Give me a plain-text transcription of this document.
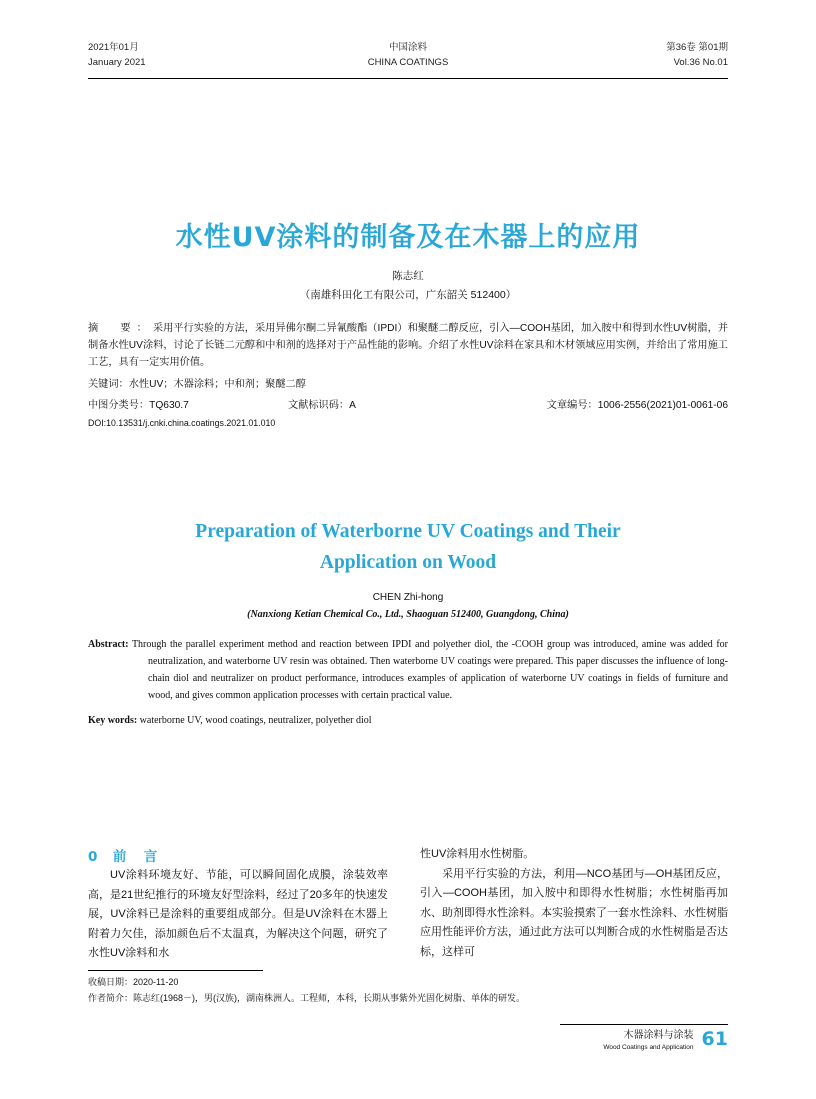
2021年01月	中国涂料	第36卷 第01期
January 2021	CHINA COATINGS	Vol.36 No.01
水性UV涂料的制备及在木器上的应用
陈志红
（南雄科田化工有限公司，广东韶关 512400）
摘　要：采用平行实验的方法，采用异佛尔酮二异氰酸酯（IPDI）和聚醚二醇反应，引入—COOH基团，加入胺中和得到水性UV树脂，并制备水性UV涂料，讨论了长链二元醇和中和剂的选择对于产品性能的影响。介绍了水性UV涂料在家具和木材领域应用实例，并给出了常用施工工艺，具有一定实用价值。
关键词：水性UV；木器涂料；中和剂；聚醚二醇
中图分类号：TQ630.7	文献标识码：A	文章编号：1006-2556(2021)01-0061-06
DOI:10.13531/j.cnki.china.coatings.2021.01.010
Preparation of Waterborne UV Coatings and Their
Application on Wood
CHEN Zhi-hong
(Nanxiong Ketian Chemical Co., Ltd., Shaoguan 512400, Guangdong, China)

Abstract: Through the parallel experiment method and reaction between IPDI and polyether diol, the -COOH group was introduced, amine was added for neutralization, and waterborne UV resin was obtained. Then waterborne UV coatings were prepared. This paper discusses the influence of long-chain diol and neutralizer on product performance, introduces examples of application of waterborne UV coatings in fields of furniture and wood, and gives common application processes with certain practical value.

Key words: waterborne UV, wood coatings, neutralizer, polyether diol
0 前　言
UV涂料环境友好、节能，可以瞬间固化成膜，涂装效率高，是21世纪推行的环境友好型涂料，经过了20多年的快速发展，UV涂料已是涂料的重要组成部分。但是UV涂料在木器上附着力欠佳，添加颜色后不太温真，为解决这个问题，研究了水性UV涂料和水
性UV涂料用水性树脂。
采用平行实验的方法，利用—NCO基团与—OH基团反应，引入—COOH基团，加入胺中和即得水性树脂；水性树脂再加水、助剂即得水性涂料。本实验摸索了一套水性涂料、水性树脂应用性能评价方法，通过此方法可以判断合成的水性树脂是否达标，这样可
收稿日期：2020-11-20
作者简介：陈志红(1968－)，男(汉族)，湖南株洲人。工程师，本科，长期从事紫外光固化树脂、单体的研发。
木器涂料与涂装
Wood Coatings and Application 61
